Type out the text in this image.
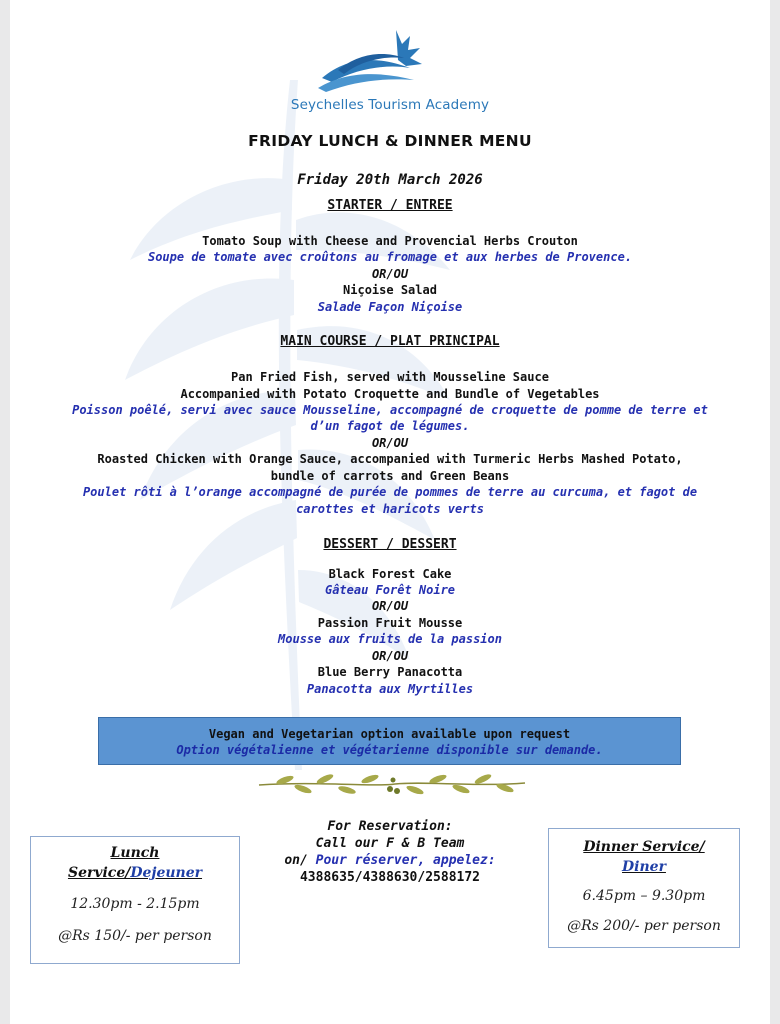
Seychelles Tourism Academy
FRIDAY LUNCH & DINNER MENU
Friday 20th March 2026
STARTER / ENTREE
Tomato Soup with Cheese and Provencial Herbs Crouton
Soupe de tomate avec croûtons au fromage et aux herbes de Provence.
OR/OU
Niçoise Salad
Salade Façon Niçoise
MAIN COURSE / PLAT PRINCIPAL
Pan Fried Fish, served with Mousseline Sauce
Accompanied with Potato Croquette and Bundle of Vegetables
Poisson poêlé, servi avec sauce Mousseline, accompagné de croquette de pomme de terre et
d’un fagot de légumes.
OR/OU
Roasted Chicken with Orange Sauce, accompanied with Turmeric Herbs Mashed Potato,
bundle of carrots and Green Beans
Poulet rôti à l’orange accompagné de purée de pommes de terre au curcuma, et fagot de
carottes et haricots verts
DESSERT / DESSERT
Black Forest Cake
Gâteau Forêt Noire
OR/OU
Passion Fruit Mousse
Mousse aux fruits de la passion
OR/OU
Blue Berry Panacotta
Panacotta aux Myrtilles
Vegan and Vegetarian option available upon request
Option végétalienne et végétarienne disponible sur demande.
Lunch
Service/Dejeuner
12.30pm - 2.15pm
@Rs 150/- per person
For Reservation:
Call our F & B Team
on/ Pour réserver, appelez:
4388635/4388630/2588172
Dinner Service/
Diner
6.45pm – 9.30pm
@Rs 200/- per person
